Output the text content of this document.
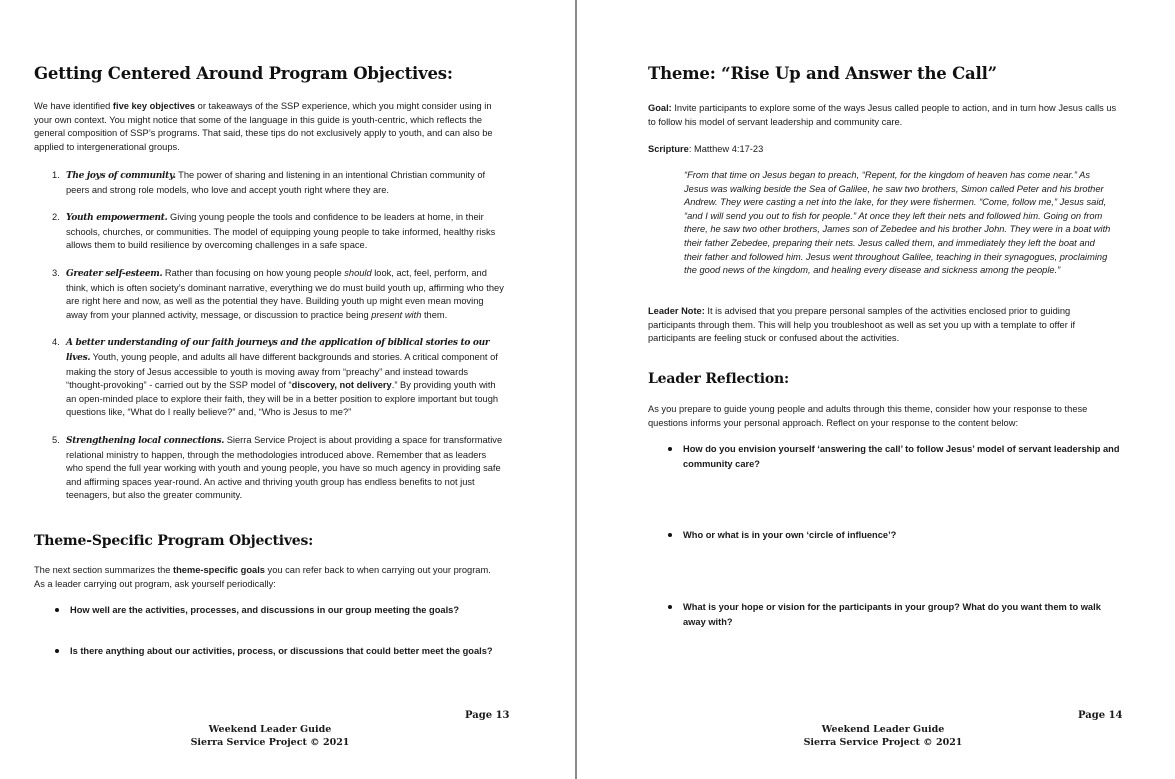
Getting Centered Around Program Objectives:

We have identified five key objectives or takeaways of the SSP experience, which you might consider using in your own context. You might notice that some of the language in this guide is youth-centric, which reflects the general composition of SSP’s programs. That said, these tips do not exclusively apply to youth, and can also be applied to intergenerational groups.

1. The joys of community. The power of sharing and listening in an intentional Christian community of peers and strong role models, who love and accept youth right where they are.
2. Youth empowerment. Giving young people the tools and confidence to be leaders at home, in their schools, churches, or communities. The model of equipping young people to take informed, healthy risks allows them to build resilience by overcoming challenges in a safe space.
3. Greater self-esteem. Rather than focusing on how young people should look, act, feel, perform, and think, which is often society’s dominant narrative, everything we do must build youth up, affirming who they are right here and now, as well as the potential they have. Building youth up might even mean moving away from your planned activity, message, or discussion to practice being present with them.
4. A better understanding of our faith journeys and the application of biblical stories to our lives. Youth, young people, and adults all have different backgrounds and stories. A critical component of making the story of Jesus accessible to youth is moving away from “preachy” and instead towards “thought-provoking” - carried out by the SSP model of “discovery, not delivery.” By providing youth with an open-minded place to explore their faith, they will be in a better position to explore important but tough questions like, “What do I really believe?” and, “Who is Jesus to me?”
5. Strengthening local connections. Sierra Service Project is about providing a space for transformative relational ministry to happen, through the methodologies introduced above. Remember that as leaders who spend the full year working with youth and young people, you have so much agency in providing safe and affirming spaces year-round. An active and thriving youth group has endless benefits to not just teenagers, but also the greater community.
Theme-Specific Program Objectives:

The next section summarizes the theme-specific goals you can refer back to when carrying out your program. As a leader carrying out program, ask yourself periodically:

How well are the activities, processes, and discussions in our group meeting the goals?
Is there anything about our activities, process, or discussions that could better meet the goals?
Page 13
Weekend Leader Guide
Sierra Service Project © 2021
Theme: “Rise Up and Answer the Call”

Goal: Invite participants to explore some of the ways Jesus called people to action, and in turn how Jesus calls us to follow his model of servant leadership and community care.

Scripture: Matthew 4:17-23

“From that time on Jesus began to preach, “Repent, for the kingdom of heaven has come near.” As Jesus was walking beside the Sea of Galilee, he saw two brothers, Simon called Peter and his brother Andrew. They were casting a net into the lake, for they were fishermen. “Come, follow me,” Jesus said, “and I will send you out to fish for people.” At once they left their nets and followed him. Going on from there, he saw two other brothers, James son of Zebedee and his brother John. They were in a boat with their father Zebedee, preparing their nets. Jesus called them, and immediately they left the boat and their father and followed him. Jesus went throughout Galilee, teaching in their synagogues, proclaiming the good news of the kingdom, and healing every disease and sickness among the people.”

Leader Note: It is advised that you prepare personal samples of the activities enclosed prior to guiding participants through them. This will help you troubleshoot as well as set you up with a template to offer if participants are feeling stuck or confused about the activities.

Leader Reflection:

As you prepare to guide young people and adults through this theme, consider how your response to these questions informs your personal approach. Reflect on your response to the content below:

How do you envision yourself ‘answering the call’ to follow Jesus’ model of servant leadership and community care?
Who or what is in your own ‘circle of influence’?
What is your hope or vision for the participants in your group? What do you want them to walk away with?
Page 14
Weekend Leader Guide
Sierra Service Project © 2021
